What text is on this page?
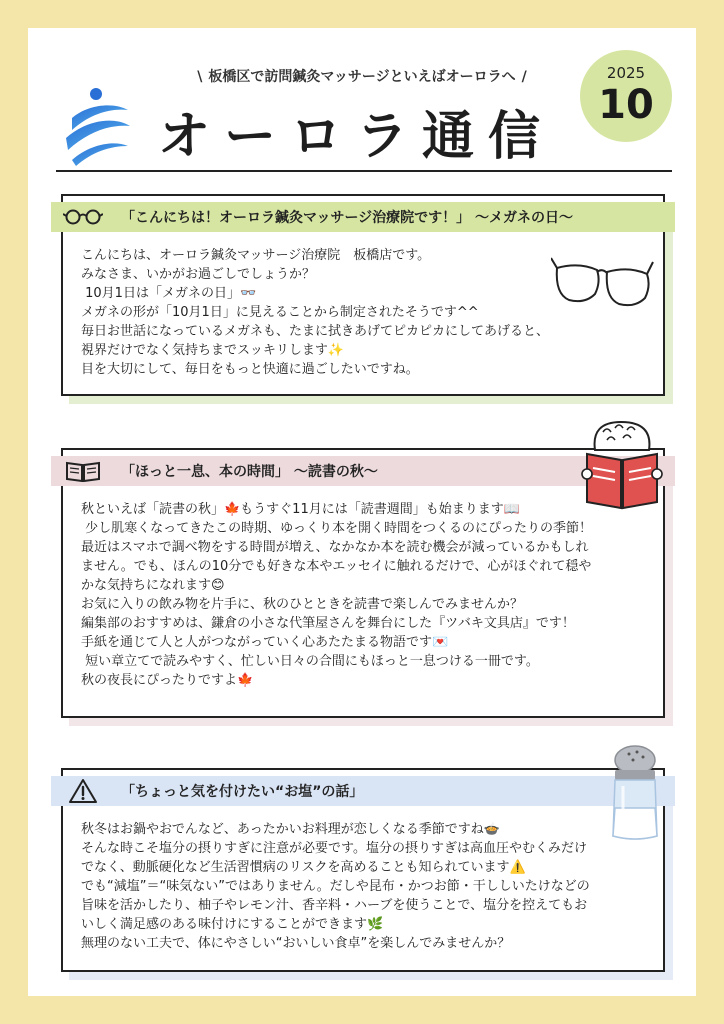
\ 板橋区で訪問鍼灸マッサージといえばオーロラへ /
オーロラ通信
2025
10
「こんにちは！オーロラ鍼灸マッサージ治療院です！」 〜メガネの日〜

こんにちは、オーロラ鍼灸マッサージ治療院　板橋店です。

みなさま、いかがお過ごしでしょうか？

10月1日は「メガネの日」👓

メガネの形が「10月1日」に見えることから制定されたそうです^^

毎日お世話になっているメガネも、たまに拭きあげてピカピカにしてあげると、

視界だけでなく気持ちまでスッキリします✨

目を大切にして、毎日をもっと快適に過ごしたいですね。

「ほっと一息、本の時間」 〜読書の秋〜

秋といえば「読書の秋」🍁もうすぐ11月には「読書週間」も始まります📖

少し肌寒くなってきたこの時期、ゆっくり本を開く時間をつくるのにぴったりの季節！

最近はスマホで調べ物をする時間が増え、なかなか本を読む機会が減っているかもしれ

ません。でも、ほんの10分でも好きな本やエッセイに触れるだけで、心がほぐれて穏や

かな気持ちになれます😊

お気に入りの飲み物を片手に、秋のひとときを読書で楽しんでみませんか？

編集部のおすすめは、鎌倉の小さな代筆屋さんを舞台にした『ツバキ文具店』です！

手紙を通じて人と人がつながっていく心あたたまる物語です💌

短い章立てで読みやすく、忙しい日々の合間にもほっと一息つける一冊です。

秋の夜長にぴったりですよ🍁

「ちょっと気を付けたい“お塩”の話」

秋冬はお鍋やおでんなど、あったかいお料理が恋しくなる季節ですね🍲

そんな時こそ塩分の摂りすぎに注意が必要です。塩分の摂りすぎは高血圧やむくみだけ

でなく、動脈硬化など生活習慣病のリスクを高めることも知られています⚠️

でも“減塩”＝“味気ない”ではありません。だしや昆布・かつお節・干ししいたけなどの

旨味を活かしたり、柚子やレモン汁、香辛料・ハーブを使うことで、塩分を控えてもお

いしく満足感のある味付けにすることができます🌿

無理のない工夫で、体にやさしい“おいしい食卓”を楽しんでみませんか？
